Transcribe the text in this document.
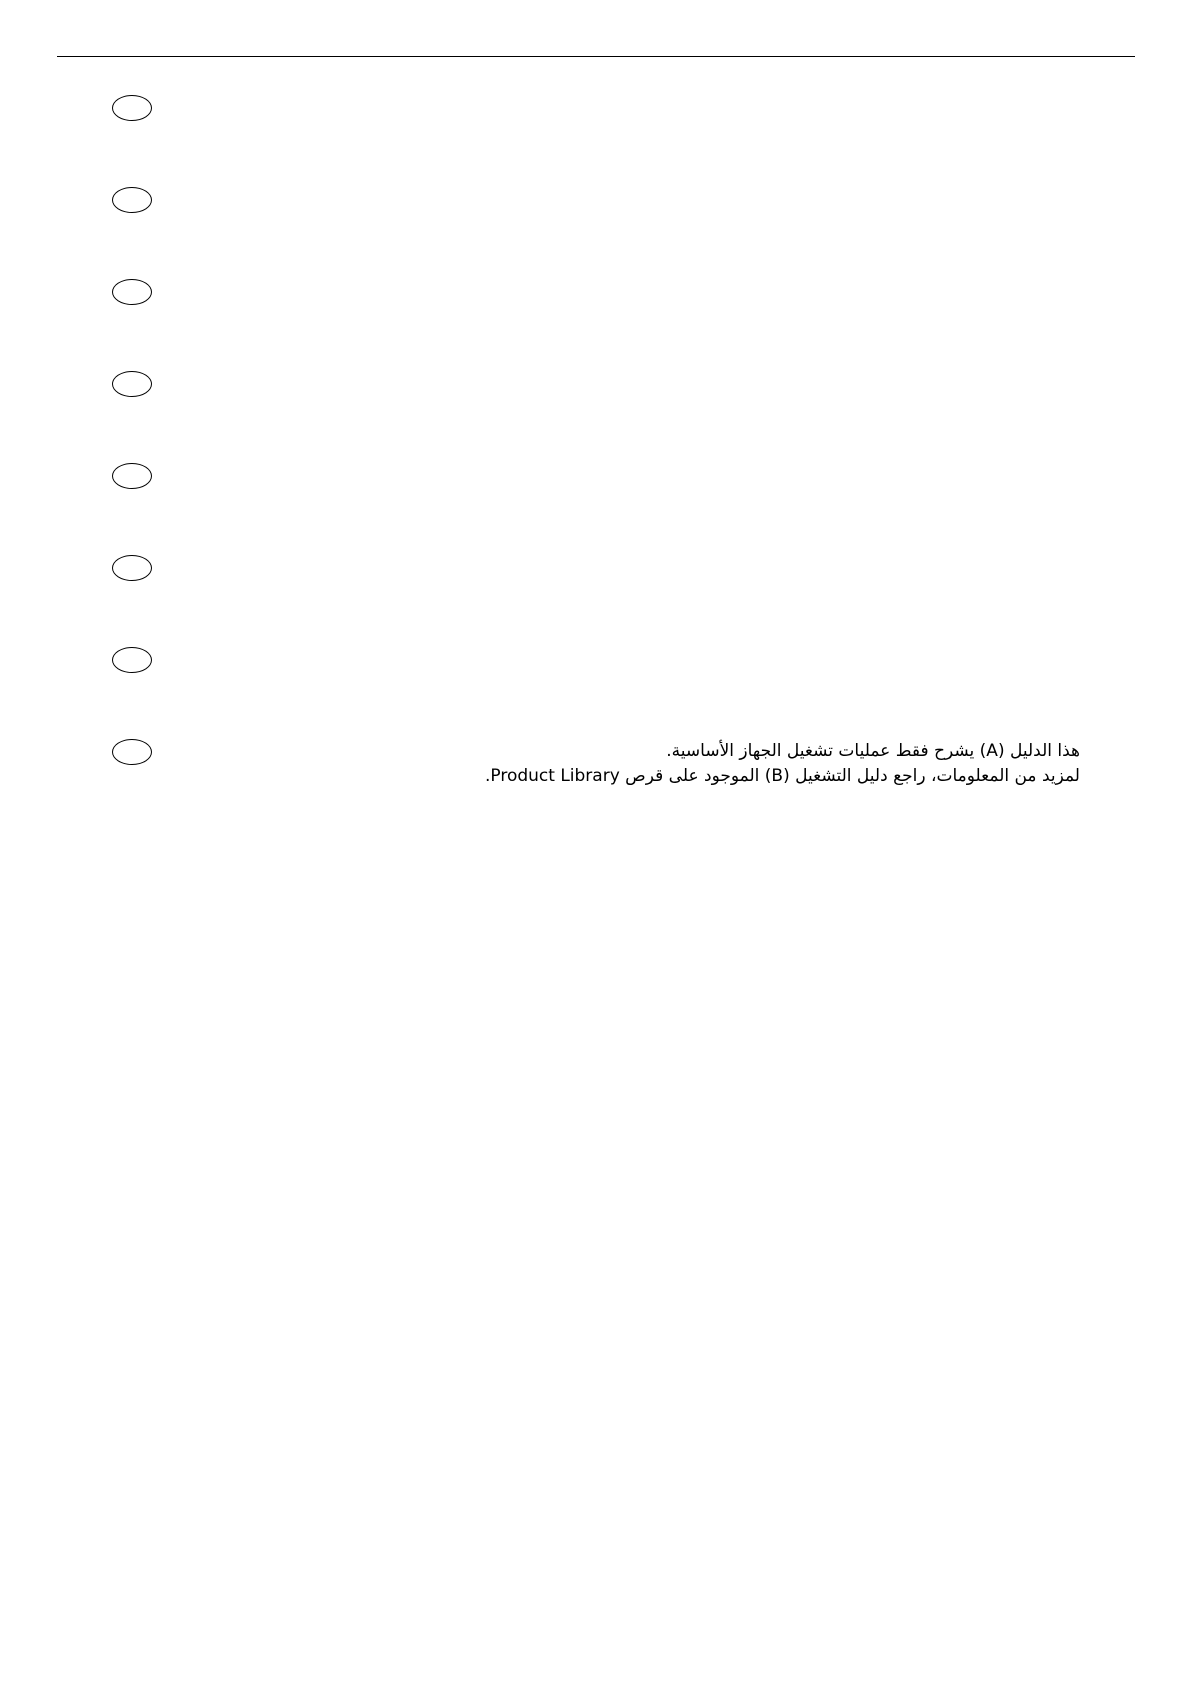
هذا الدليل (A) يشرح فقط عمليات تشغيل الجهاز الأساسية.

لمزيد من المعلومات، راجع دليل التشغيل (B) الموجود على قرص Product Library.
